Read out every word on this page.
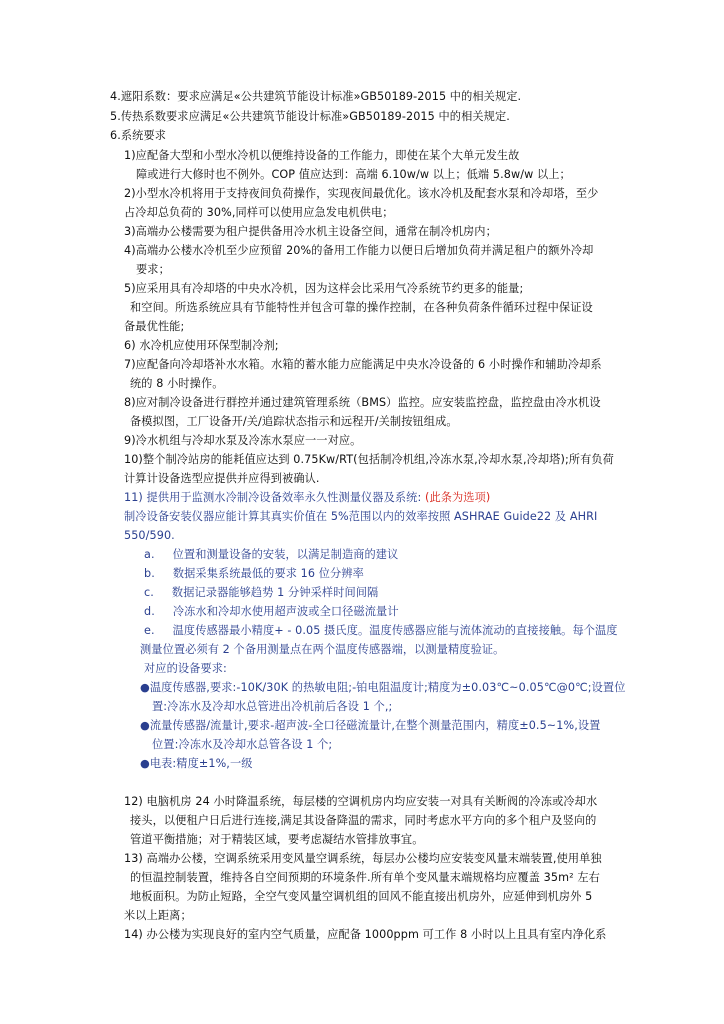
4.遮阳系数：要求应满足«公共建筑节能设计标准»GB50189-2015 中的相关规定.
5.传热系数要求应满足«公共建筑节能设计标准»GB50189-2015 中的相关规定.
6.系统要求
1)应配备大型和小型水冷机以便维持设备的工作能力，即使在某个大单元发生故
障或进行大修时也不例外。COP 值应达到：高端 6.10w/w 以上；低端 5.8w/w 以上；
2)小型水冷机将用于支持夜间负荷操作，实现夜间最优化。该水冷机及配套水泵和冷却塔，至少
占冷却总负荷的 30%,同样可以使用应急发电机供电；
3)高端办公楼需要为租户提供备用冷水机主设备空间，通常在制冷机房内；
4)高端办公楼水冷机至少应预留 20%的备用工作能力以便日后增加负荷并满足租户的额外冷却
要求；
5)应采用具有冷却塔的中央水冷机，因为这样会比采用气冷系统节约更多的能量;
和空间。所选系统应具有节能特性并包含可靠的操作控制，在各种负荷条件循环过程中保证设
备最优性能;
6) 水冷机应使用环保型制冷剂;
7)应配备向冷却塔补水水箱。水箱的蓄水能力应能满足中央水冷设备的 6 小时操作和辅助冷却系
统的 8 小时操作。
8)应对制冷设备进行群控并通过建筑管理系统（BMS）监控。应安装监控盘，监控盘由冷水机设
备模拟图，工厂设备开/关/追踪状态指示和远程开/关制按钮组成。
9)冷水机组与冷却水泵及冷冻水泵应一一对应。
10)整个制冷站房的能耗值应达到 0.75Kw/RT(包括制冷机组,冷冻水泵,冷却水泵,冷却塔);所有负荷
计算计设备选型应提供并应得到被确认.
11) 提供用于监测水冷制冷设备效率永久性测量仪器及系统: (此条为选项)
制冷设备安装仪器应能计算其真实价值在 5%范围以内的效率按照 ASHRAE Guide22 及 AHRI
550/590.
a. 位置和测量设备的安装，以满足制造商的建议
b. 数据采集系统最低的要求 16 位分辨率
c. 数据记录器能够趋势 1 分钟采样时间间隔
d. 冷冻水和冷却水使用超声波或全口径磁流量计
e. 温度传感器最小精度+ - 0.05 摄氏度。温度传感器应能与流体流动的直接接触。每个温度
测量位置必须有 2 个备用测量点在两个温度传感器端，以测量精度验证。
对应的设备要求:
●温度传感器,要求:-10K/30K 的热敏电阻;-铂电阻温度计;精度为±0.03℃~0.05℃@0℃;设置位
置:冷冻水及冷却水总管进出冷机前后各设 1 个,;
●流量传感器/流量计,要求-超声波-全口径磁流量计,在整个测量范围内，精度±0.5~1%,设置
位置:冷冻水及冷却水总管各设 1 个;
●电表:精度±1%,一级
12) 电脑机房 24 小时降温系统，每层楼的空调机房内均应安装一对具有关断阀的冷冻或冷却水
接头，以便租户日后进行连接,满足其设备降温的需求，同时考虑水平方向的多个租户及竖向的
管道平衡措施；对于精装区域，要考虑凝结水管排放事宜。
13) 高端办公楼，空调系统采用变风量空调系统，每层办公楼均应安装变风量末端装置,使用单独
的恒温控制装置，维持各自空间预期的环境条件.所有单个变风量末端规格均应覆盖 35m² 左右
地板面积。为防止短路，全空气变风量空调机组的回风不能直接出机房外，应延伸到机房外 5
米以上距离；
14) 办公楼为实现良好的室内空气质量，应配备 1000ppm 可工作 8 小时以上且具有室内净化系
